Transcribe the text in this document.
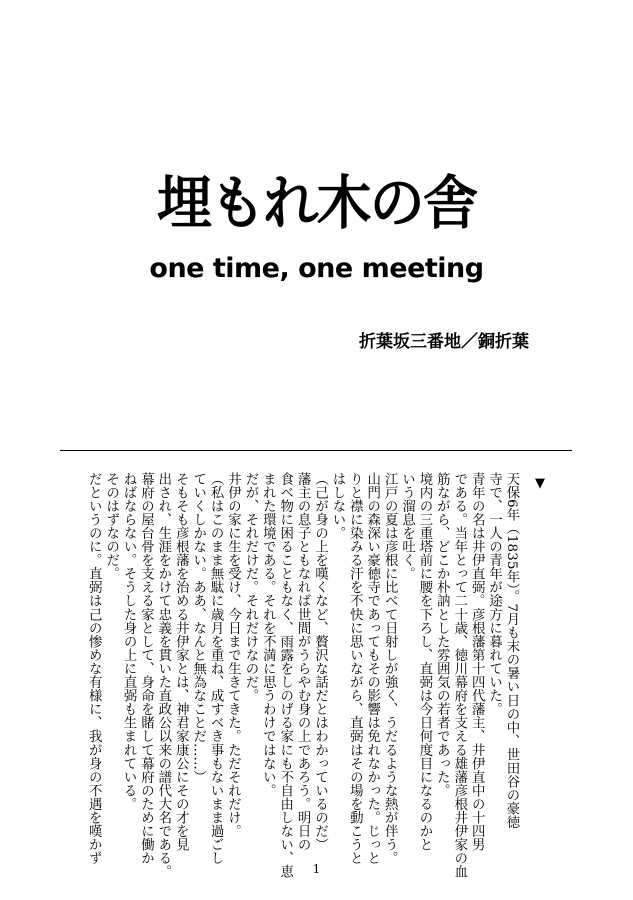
埋もれ木の舎
one time, one meeting
折葉坂三番地／銅折葉
▼
天保6年（1835年）。7月も末の暑い日の中、世田谷の豪徳
寺で、一人の青年が途方に暮れていた。
青年の名は井伊直弼。彦根藩第十四代藩主、井伊直中の十四男
である。当年とって二十歳、徳川幕府を支える雄藩彦根井伊家の血
筋ながら、どこか朴訥とした雰囲気の若者であった。
境内の三重塔前に腰を下ろし、直弼は今日何度目になるのかと
いう溜息を吐く。
江戸の夏は彦根に比べて日射しが強く、うだるような熱が伴う。
山門の森深い豪徳寺であってもその影響は免れなかった。じっと
りと襟に染みる汗を不快に思いながら、直弼はその場を動こうと
はしない。
（己が身の上を嘆くなど、贅沢な話だとはわかっているのだ）
藩主の息子ともなれば世間がうらやむ身の上であろう。明日の
食べ物に困ることもなく、雨露をしのげる家にも不自由しない、恵
まれた環境である。それを不満に思うわけではない。
だが、それだけだ。それだけなのだ。
井伊の家に生を受け、今日まで生きてきた。ただそれだけ。
（私はこのまま無駄に歳月を重ね、成すべき事もないまま過ごし
ていくしかない。ああ、なんと無為なことだ……）
そもそも彦根藩を治める井伊家とは、神君家康公にその才を見
出され、生涯をかけて忠義を貫いた直政公以来の譜代大名である。
幕府の屋台骨を支える家として、身命を賭して幕府のために働か
ねばならない。そうした身の上に直弼も生まれている。
そのはずなのだ。
だというのに。直弼は己の惨めな有様に、我が身の不遇を嘆かず
1
